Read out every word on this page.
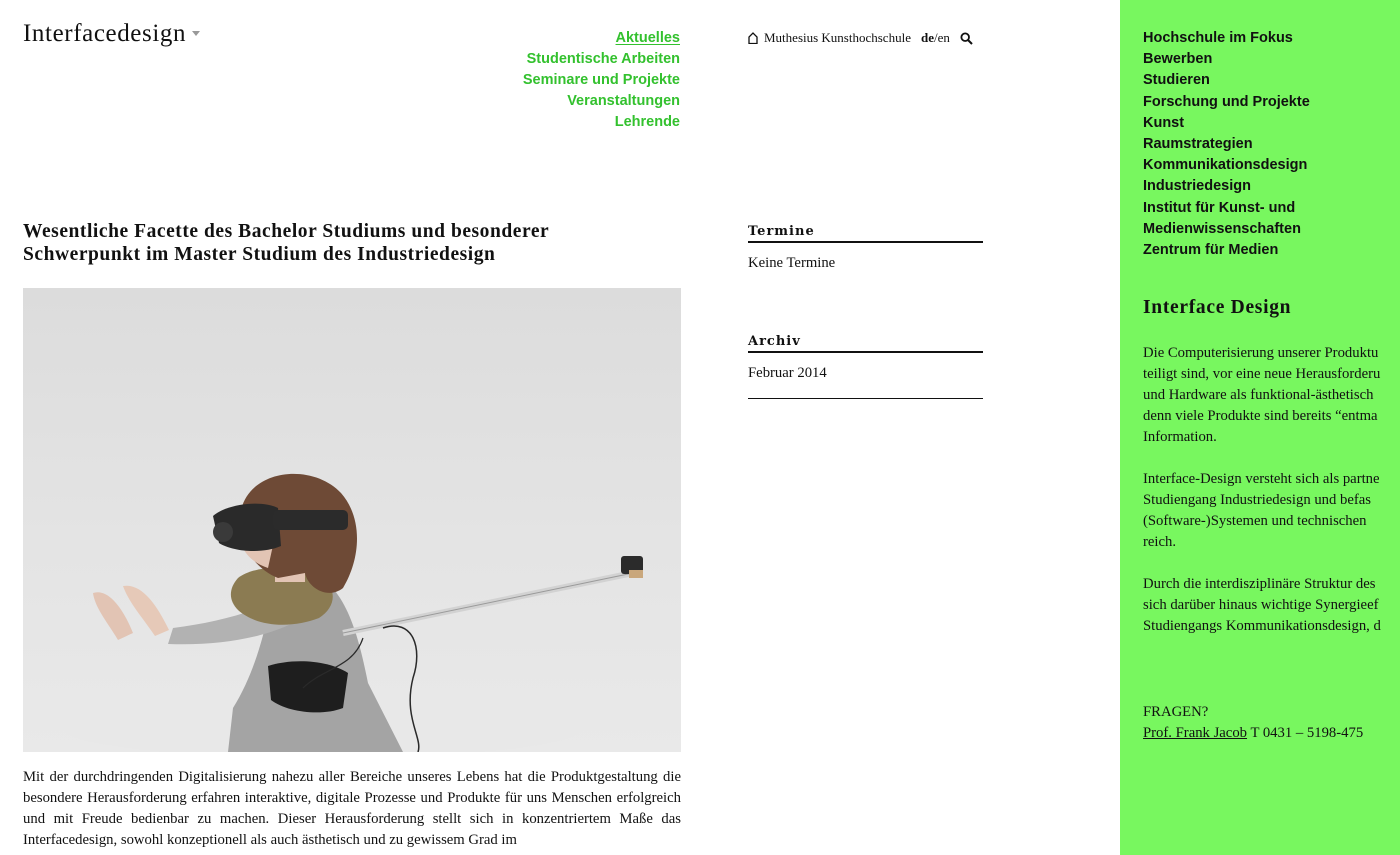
Interfacedesign	Aktuelles
Studentische Arbeiten
Seminare und Projekte
Veranstaltungen
Lehrende
Muthesius Kunsthochschule de/en
Wesentliche Facette des Bachelor Studiums und besonderer
Schwerpunkt im Master Studium des Industriedesign
Mit der durchdringenden Digitalisierung nahezu aller Bereiche unseres Lebens hat die Produktgestaltung die besondere Herausforderung erfahren interaktive, digitale Prozesse und Produkte für uns Menschen erfolgreich und mit Freude bedienbar zu machen. Dieser Herausforderung stellt sich in konzentriertem Maße das Interfacedesign, sowohl konzeptionell als auch ästhetisch und zu gewissem Grad im
Termine
Keine Termine
Archiv
Februar 2014
Hochschule im Fokus
Bewerben
Studieren
Forschung und Projekte
Kunst
Raumstrategien
Kommunikationsdesign
Industriedesign
Institut für Kunst- und
Medienwissenschaften
Zentrum für Medien
Interface Design

Die Computerisierung unserer Produktu
teiligt sind, vor eine neue Herausforderu
und Hardware als funktional-ästhetisch
denn viele Produkte sind bereits “entma
Information.

Interface-Design versteht sich als partne
Studiengang Industriedesign und befas
(Software-)Systemen und technischen
reich.

Durch die interdisziplinäre Struktur des
sich darüber hinaus wichtige Synergieef
Studiengangs Kommunikationsdesign, d

FRAGEN?
Prof. Frank Jacob T 0431 – 5198-475
